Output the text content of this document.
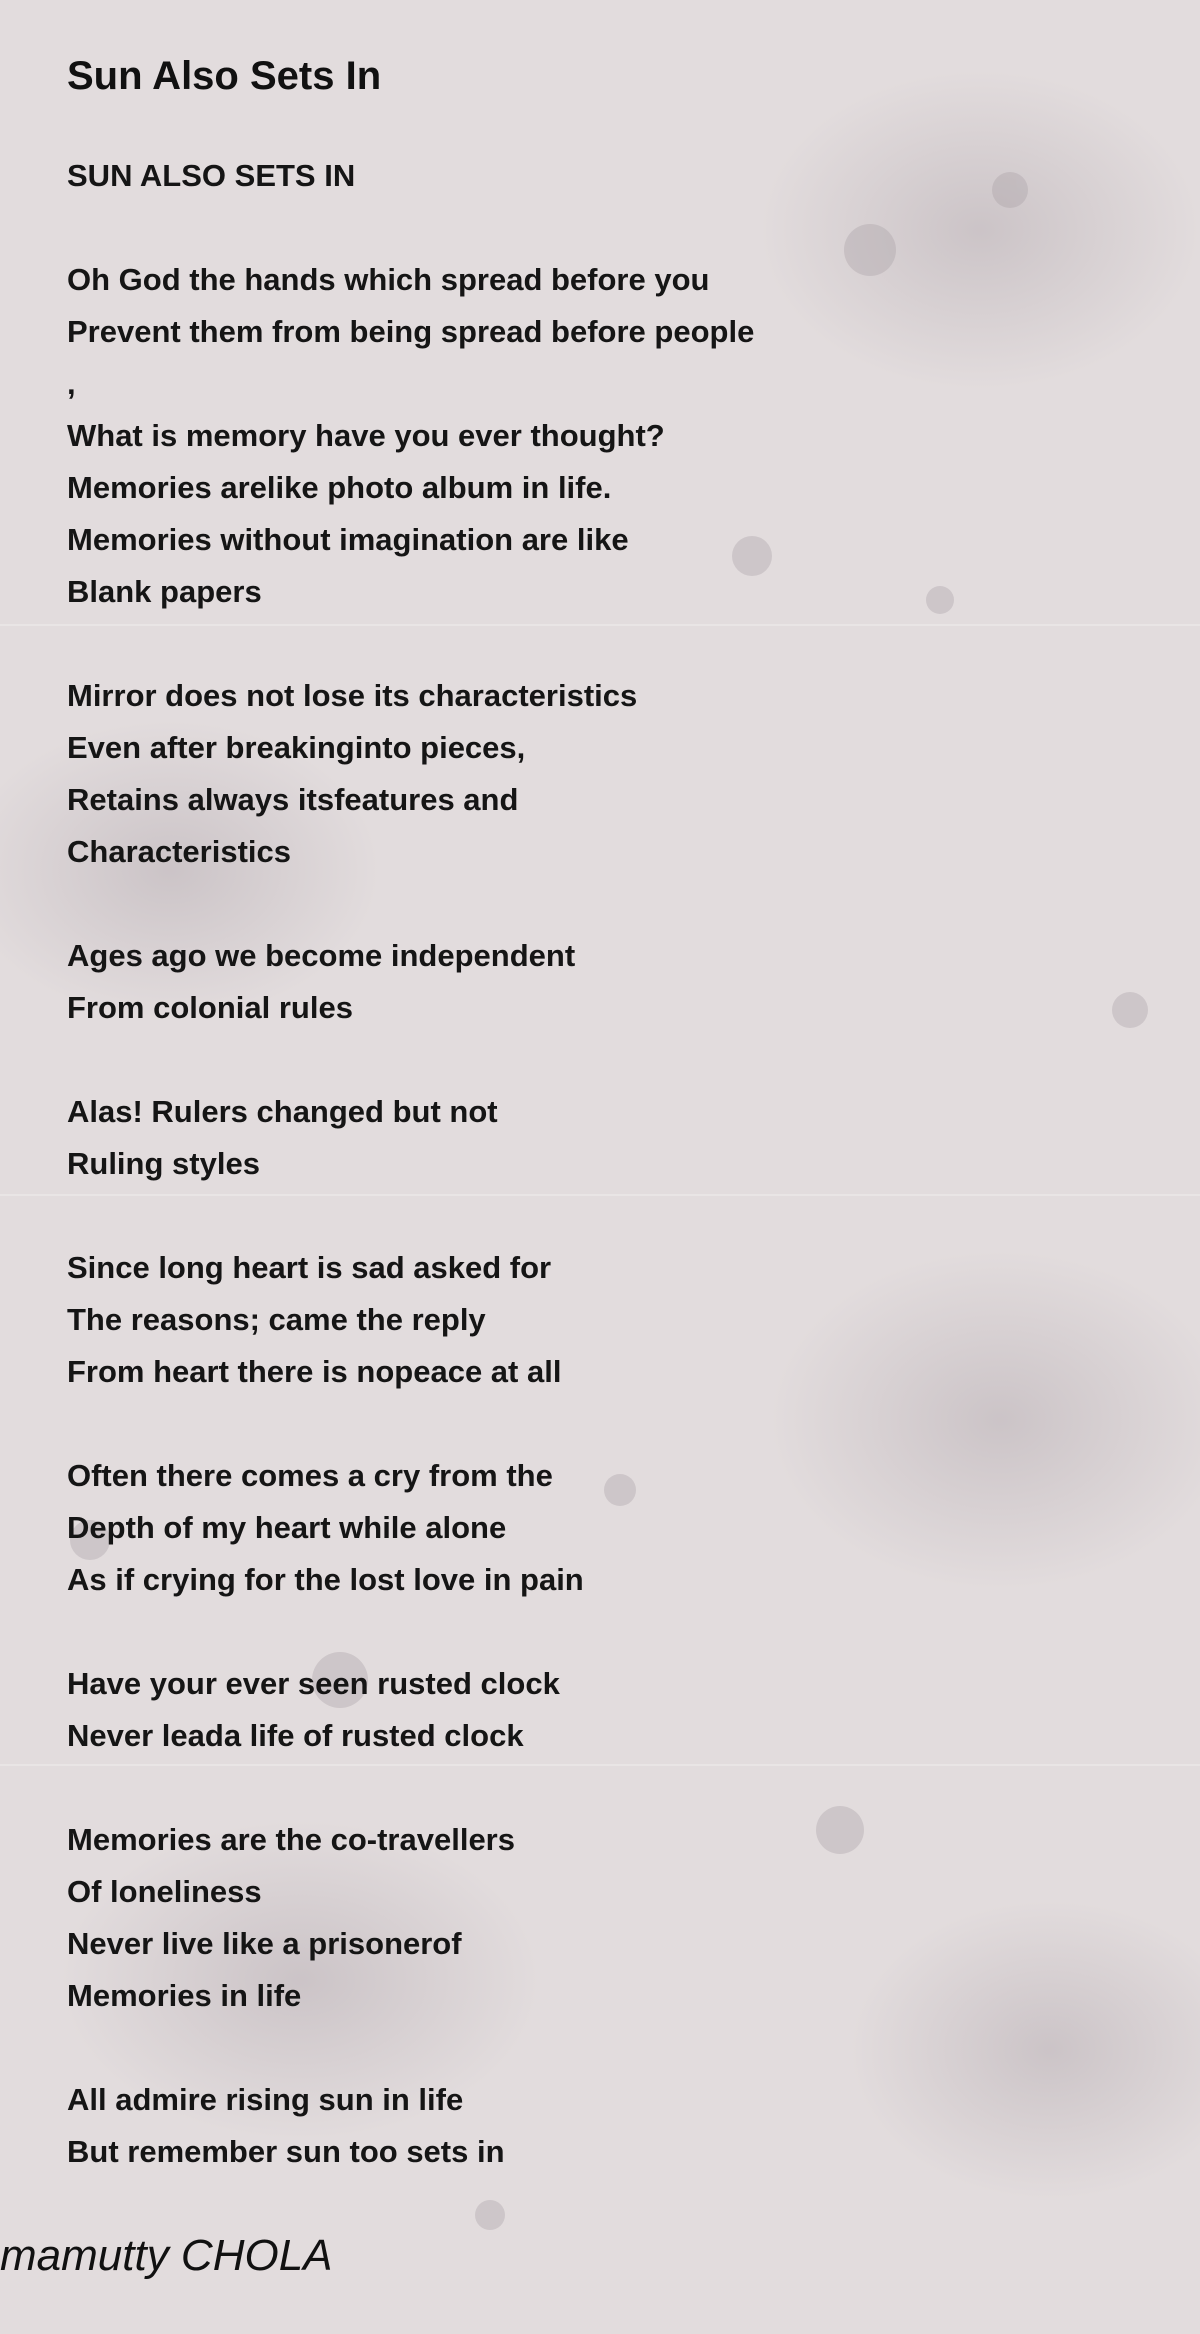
Sun Also Sets In
SUN ALSO SETS IN
Oh God the hands which spread before you
Prevent them from being spread before people
,
What is memory have you ever thought?
Memories arelike photo album in life.
Memories without imagination are like
Blank papers
Mirror does not lose its characteristics
Even after breakinginto pieces,
Retains always itsfeatures and
Characteristics
Ages ago we become independent
From colonial rules
Alas! Rulers changed but not
Ruling styles
Since long heart is sad asked for
The reasons; came the reply
From heart there is nopeace at all
Often there comes a cry from the
Depth of my heart while alone
As if crying for the lost love in pain
Have your ever seen rusted clock
Never leada life of rusted clock
Memories are the co-travellers
Of loneliness
Never live like a prisonerof
Memories in life
All admire rising sun in life
But remember sun too sets in
mamutty CHOLA
